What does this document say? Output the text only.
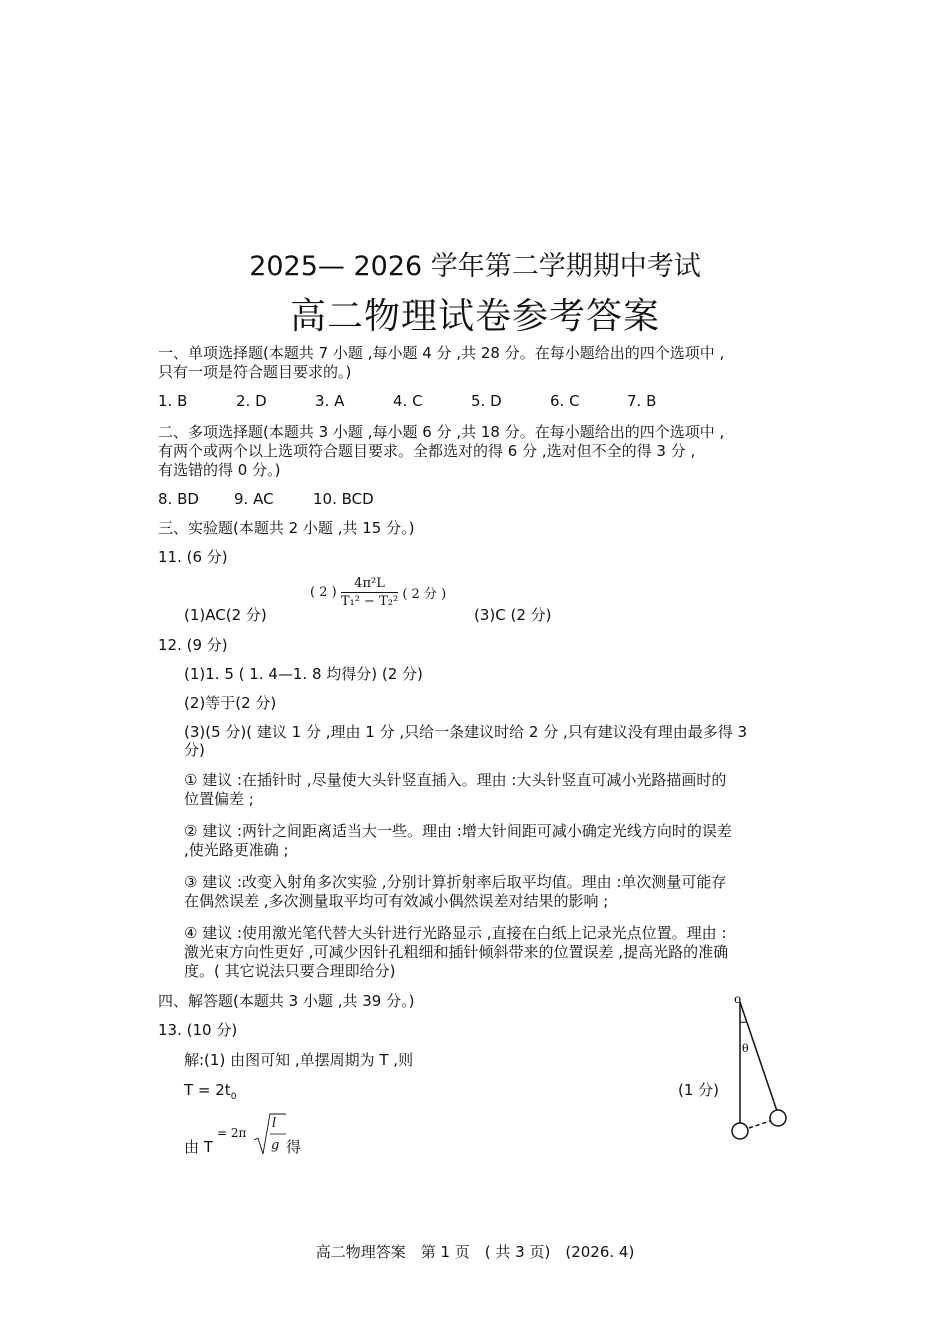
2025— 2026 学年第二学期期中考试
高二物理试卷参考答案
一、单项选择题(本题共 7 小题 ,每小题 4 分 ,共 28 分。在每小题给出的四个选项中 ,
只有一项是符合题目要求的。)
1. B	2. D	3. A	4. C	5. D	6. C	7. B
二、多项选择题(本题共 3 小题 ,每小题 6 分 ,共 18 分。在每小题给出的四个选项中 ,
有两个或两个以上选项符合题目要求。全都选对的得 6 分 ,选对但不全的得 3 分 ,
有选错的得 0 分。)
8. BD 9. AC	10. BCD
三、实验题(本题共 2 小题 ,共 15 分。)
11. (6 分)
(1)AC(2 分)
( 2 ) $\frac{\text{4π²L}}{\text{T₁² − T₂²}}$ ( 2 分 )
(3)C (2 分)
12. (9 分)
(1)1. 5 ( 1. 4—1. 8 均得分) (2 分)
(2)等于(2 分)
(3)(5 分)( 建议 1 分 ,理由 1 分 ,只给一条建议时给 2 分 ,只有建议没有理由最多得 3
分)
① 建议 :在插针时 ,尽量使大头针竖直插入。理由 :大头针竖直可减小光路描画时的
位置偏差 ;
② 建议 :两针之间距离适当大一些。理由 :增大针间距可减小确定光线方向时的误差
,使光路更准确 ;
③ 建议 :改变入射角多次实验 ,分别计算折射率后取平均值。理由 :单次测量可能存
在偶然误差 ,多次测量取平均可有效减小偶然误差对结果的影响 ;
④ 建议 :使用激光笔代替大头针进行光路显示 ,直接在白纸上记录光点位置。理由 :
激光束方向性更好 ,可减少因针孔粗细和插针倾斜带来的位置误差 ,提高光路的准确
度。( 其它说法只要合理即给分)
四、解答题(本题共 3 小题 ,共 39 分。)
13. (10 分)
解:(1) 由图可知 ,单摆周期为 T ,则
$T = 2t_0$	(1 分)
由 T
= 2π
l
g 得
o
θ
高二物理答案　第 1 页　( 共 3 页)　(2026. 4)
